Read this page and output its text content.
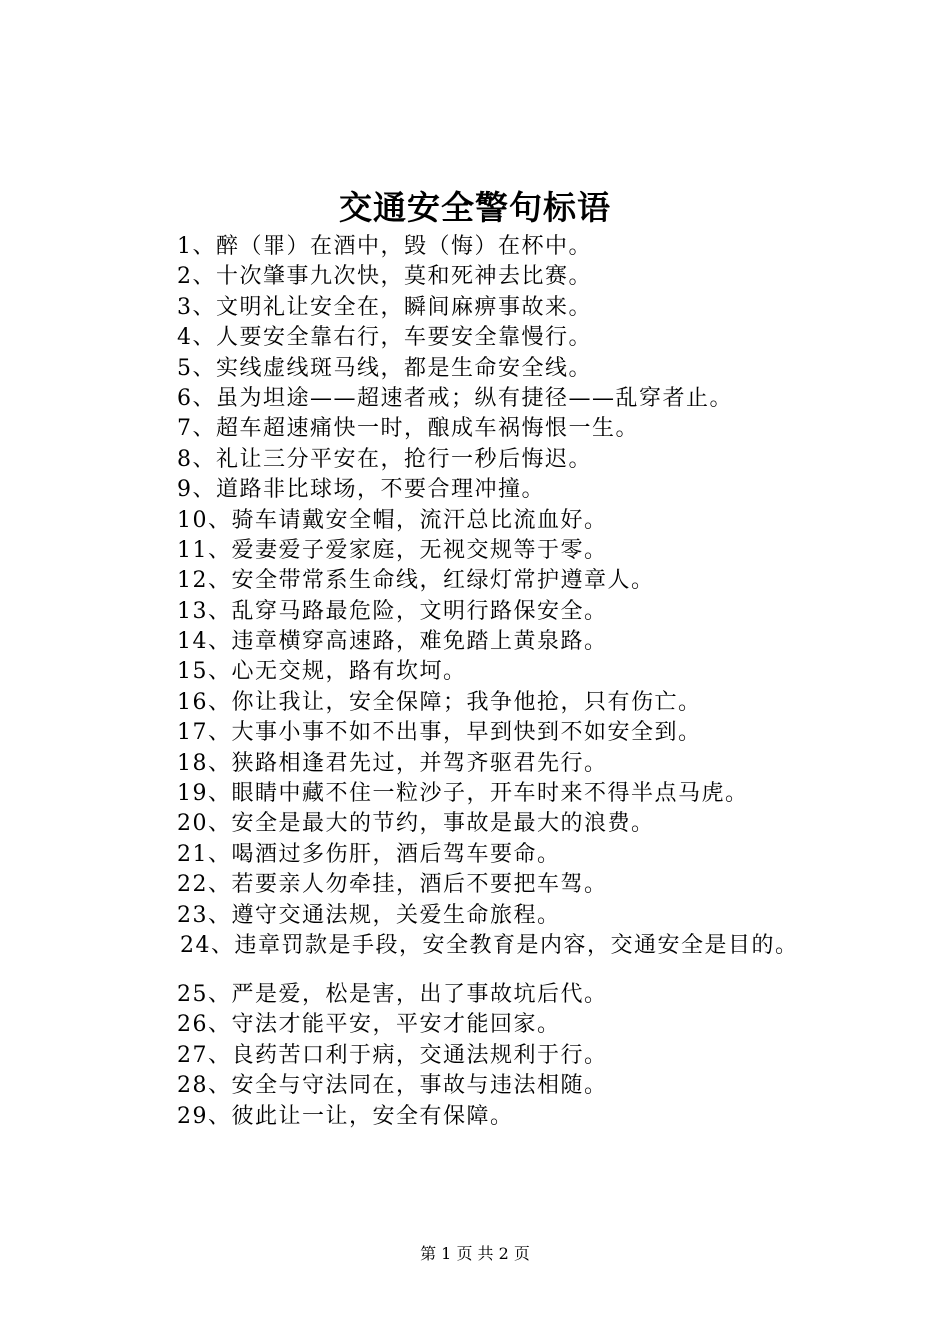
交通安全警句标语
1、醉（罪）在酒中，毁（悔）在杯中。
2、十次肇事九次快，莫和死神去比赛。
3、文明礼让安全在，瞬间麻痹事故来。
4、人要安全靠右行，车要安全靠慢行。
5、实线虚线斑马线，都是生命安全线。
6、虽为坦途——超速者戒；纵有捷径——乱穿者止。
7、超车超速痛快一时，酿成车祸悔恨一生。
8、礼让三分平安在，抢行一秒后悔迟。
9、道路非比球场，不要合理冲撞。
10、骑车请戴安全帽，流汗总比流血好。
11、爱妻爱子爱家庭，无视交规等于零。
12、安全带常系生命线，红绿灯常护遵章人。
13、乱穿马路最危险，文明行路保安全。
14、违章横穿高速路，难免踏上黄泉路。
15、心无交规，路有坎坷。
16、你让我让，安全保障；我争他抢，只有伤亡。
17、大事小事不如不出事，早到快到不如安全到。
18、狭路相逢君先过，并驾齐驱君先行。
19、眼睛中藏不住一粒沙子，开车时来不得半点马虎。
20、安全是最大的节约，事故是最大的浪费。
21、喝酒过多伤肝，酒后驾车要命。
22、若要亲人勿牵挂，酒后不要把车驾。
23、遵守交通法规，关爱生命旅程。
24、违章罚款是手段，安全教育是内容，交通安全是目的。
25、严是爱，松是害，出了事故坑后代。
26、守法才能平安，平安才能回家。
27、良药苦口利于病，交通法规利于行。
28、安全与守法同在，事故与违法相随。
29、彼此让一让，安全有保障。
第 1 页 共 2 页
